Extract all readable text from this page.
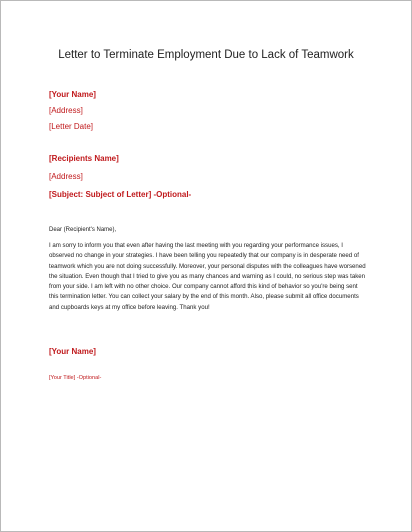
Letter to Terminate Employment Due to Lack of Teamwork
[Your Name]
[Address]
[Letter Date]
[Recipients Name]
[Address]
[Subject: Subject of Letter] -Optional-
Dear (Recipient's Name),
I am sorry to inform you that even after having the last meeting with you regarding your performance issues, I observed no change in your strategies. I have been telling you repeatedly that our company is in desperate need of teamwork which you are not doing successfully. Moreover, your personal disputes with the colleagues have worsened the situation. Even though that I tried to give you as many chances and warning as I could, no serious step was taken from your side. I am left with no other choice. Our company cannot afford this kind of behavior so you're being sent this termination letter. You can collect your salary by the end of this month. Also, please submit all office documents and cupboards keys at my office before leaving. Thank you!
[Your Name]
[Your Title] -Optional-
